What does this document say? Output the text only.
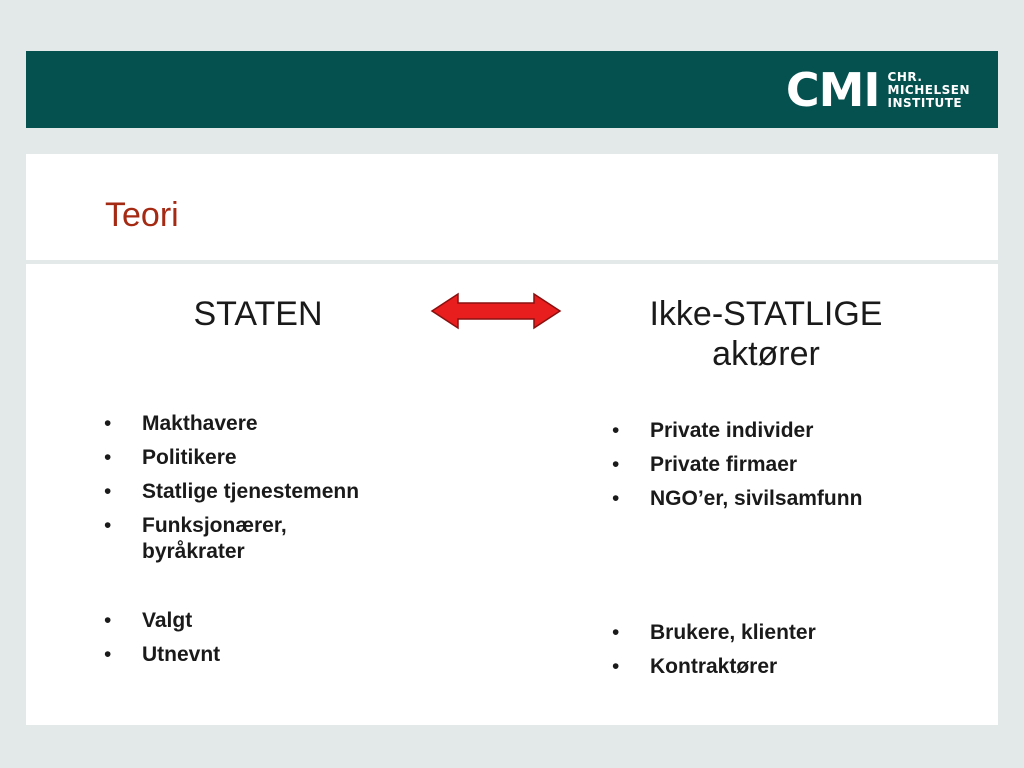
CMI CHR.
MICHELSEN
INSTITUTE
Teori
STATEN	Ikke-STATLIGE
aktører
• Makthavere
• Politikere
• Statlige tjenestemenn
• Funksjonærer, byråkrater
• Valgt
• Utnevnt
• Private individer
• Private firmaer
• NGO’er, sivilsamfunn
• Brukere, klienter
• Kontraktører
